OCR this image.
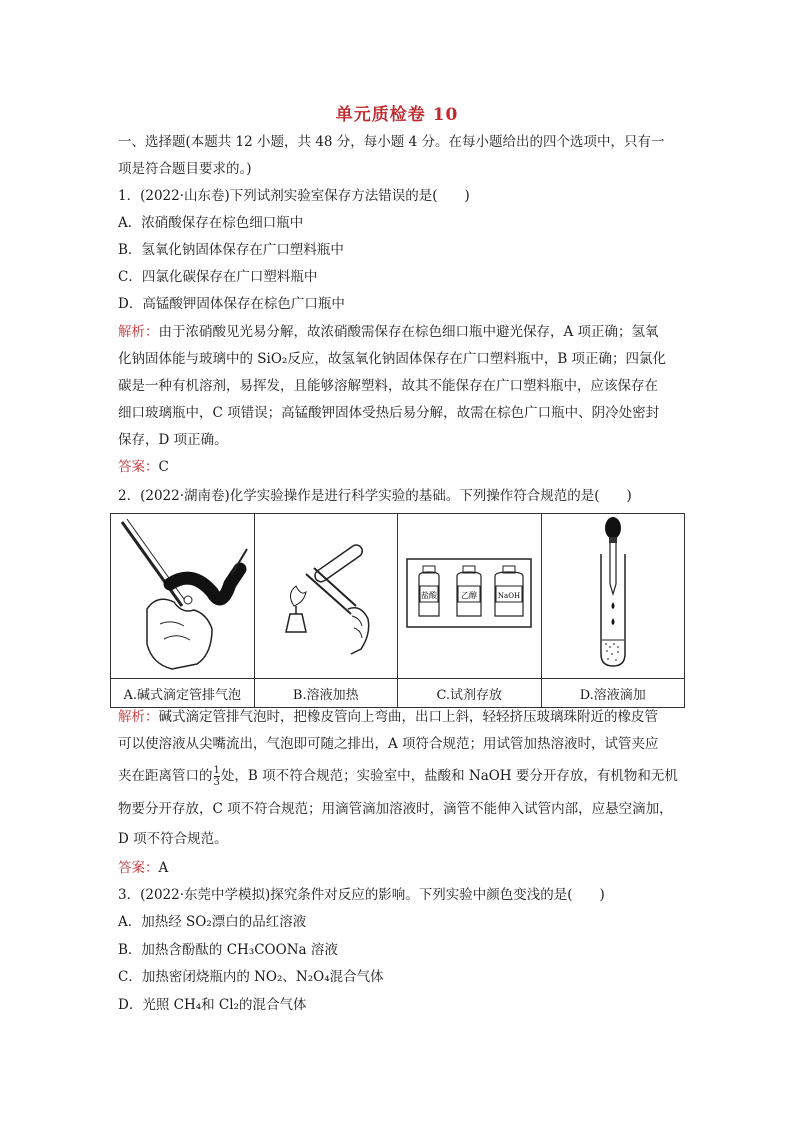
单元质检卷 10
一、选择题(本题共 12 小题，共 48 分，每小题 4 分。在每小题给出的四个选项中，只有一
项是符合题目要求的。)
1．(2022·山东卷)下列试剂实验室保存方法错误的是(　　)
A．浓硝酸保存在棕色细口瓶中
B．氢氧化钠固体保存在广口塑料瓶中
C．四氯化碳保存在广口塑料瓶中
D．高锰酸钾固体保存在棕色广口瓶中
解析：由于浓硝酸见光易分解，故浓硝酸需保存在棕色细口瓶中避光保存，A 项正确；氢氧
化钠固体能与玻璃中的 SiO₂反应，故氢氧化钠固体保存在广口塑料瓶中，B 项正确；四氯化
碳是一种有机溶剂，易挥发，且能够溶解塑料，故其不能保存在广口塑料瓶中，应该保存在
细口玻璃瓶中，C 项错误；高锰酸钾固体受热后易分解，故需在棕色广口瓶中、阴冷处密封
保存，D 项正确。
答案：C
2．(2022·湖南卷)化学实验操作是进行科学实验的基础。下列操作符合规范的是(　　)

盐酸 乙醇 NaOH

A.碱式滴定管排气泡	B.溶液加热	C.试剂存放	D.溶液滴加
解析：碱式滴定管排气泡时，把橡皮管向上弯曲，出口上斜，轻轻挤压玻璃珠附近的橡皮管
可以使溶液从尖嘴流出，气泡即可随之排出，A 项符合规范；用试管加热溶液时，试管夹应
夹在距离管口的 $\frac{1}{3}$ 处，B 项不符合规范；实验室中，盐酸和 NaOH 要分开存放，有机物和无机
物要分开存放，C 项不符合规范；用滴管滴加溶液时，滴管不能伸入试管内部，应悬空滴加，
D 项不符合规范。
答案：A
3．(2022·东莞中学模拟)探究条件对反应的影响。下列实验中颜色变浅的是(　　)
A．加热经 SO₂漂白的品红溶液
B．加热含酚酞的 CH₃COONa 溶液
C．加热密闭烧瓶内的 NO₂、N₂O₄混合气体
D．光照 CH₄和 Cl₂的混合气体
